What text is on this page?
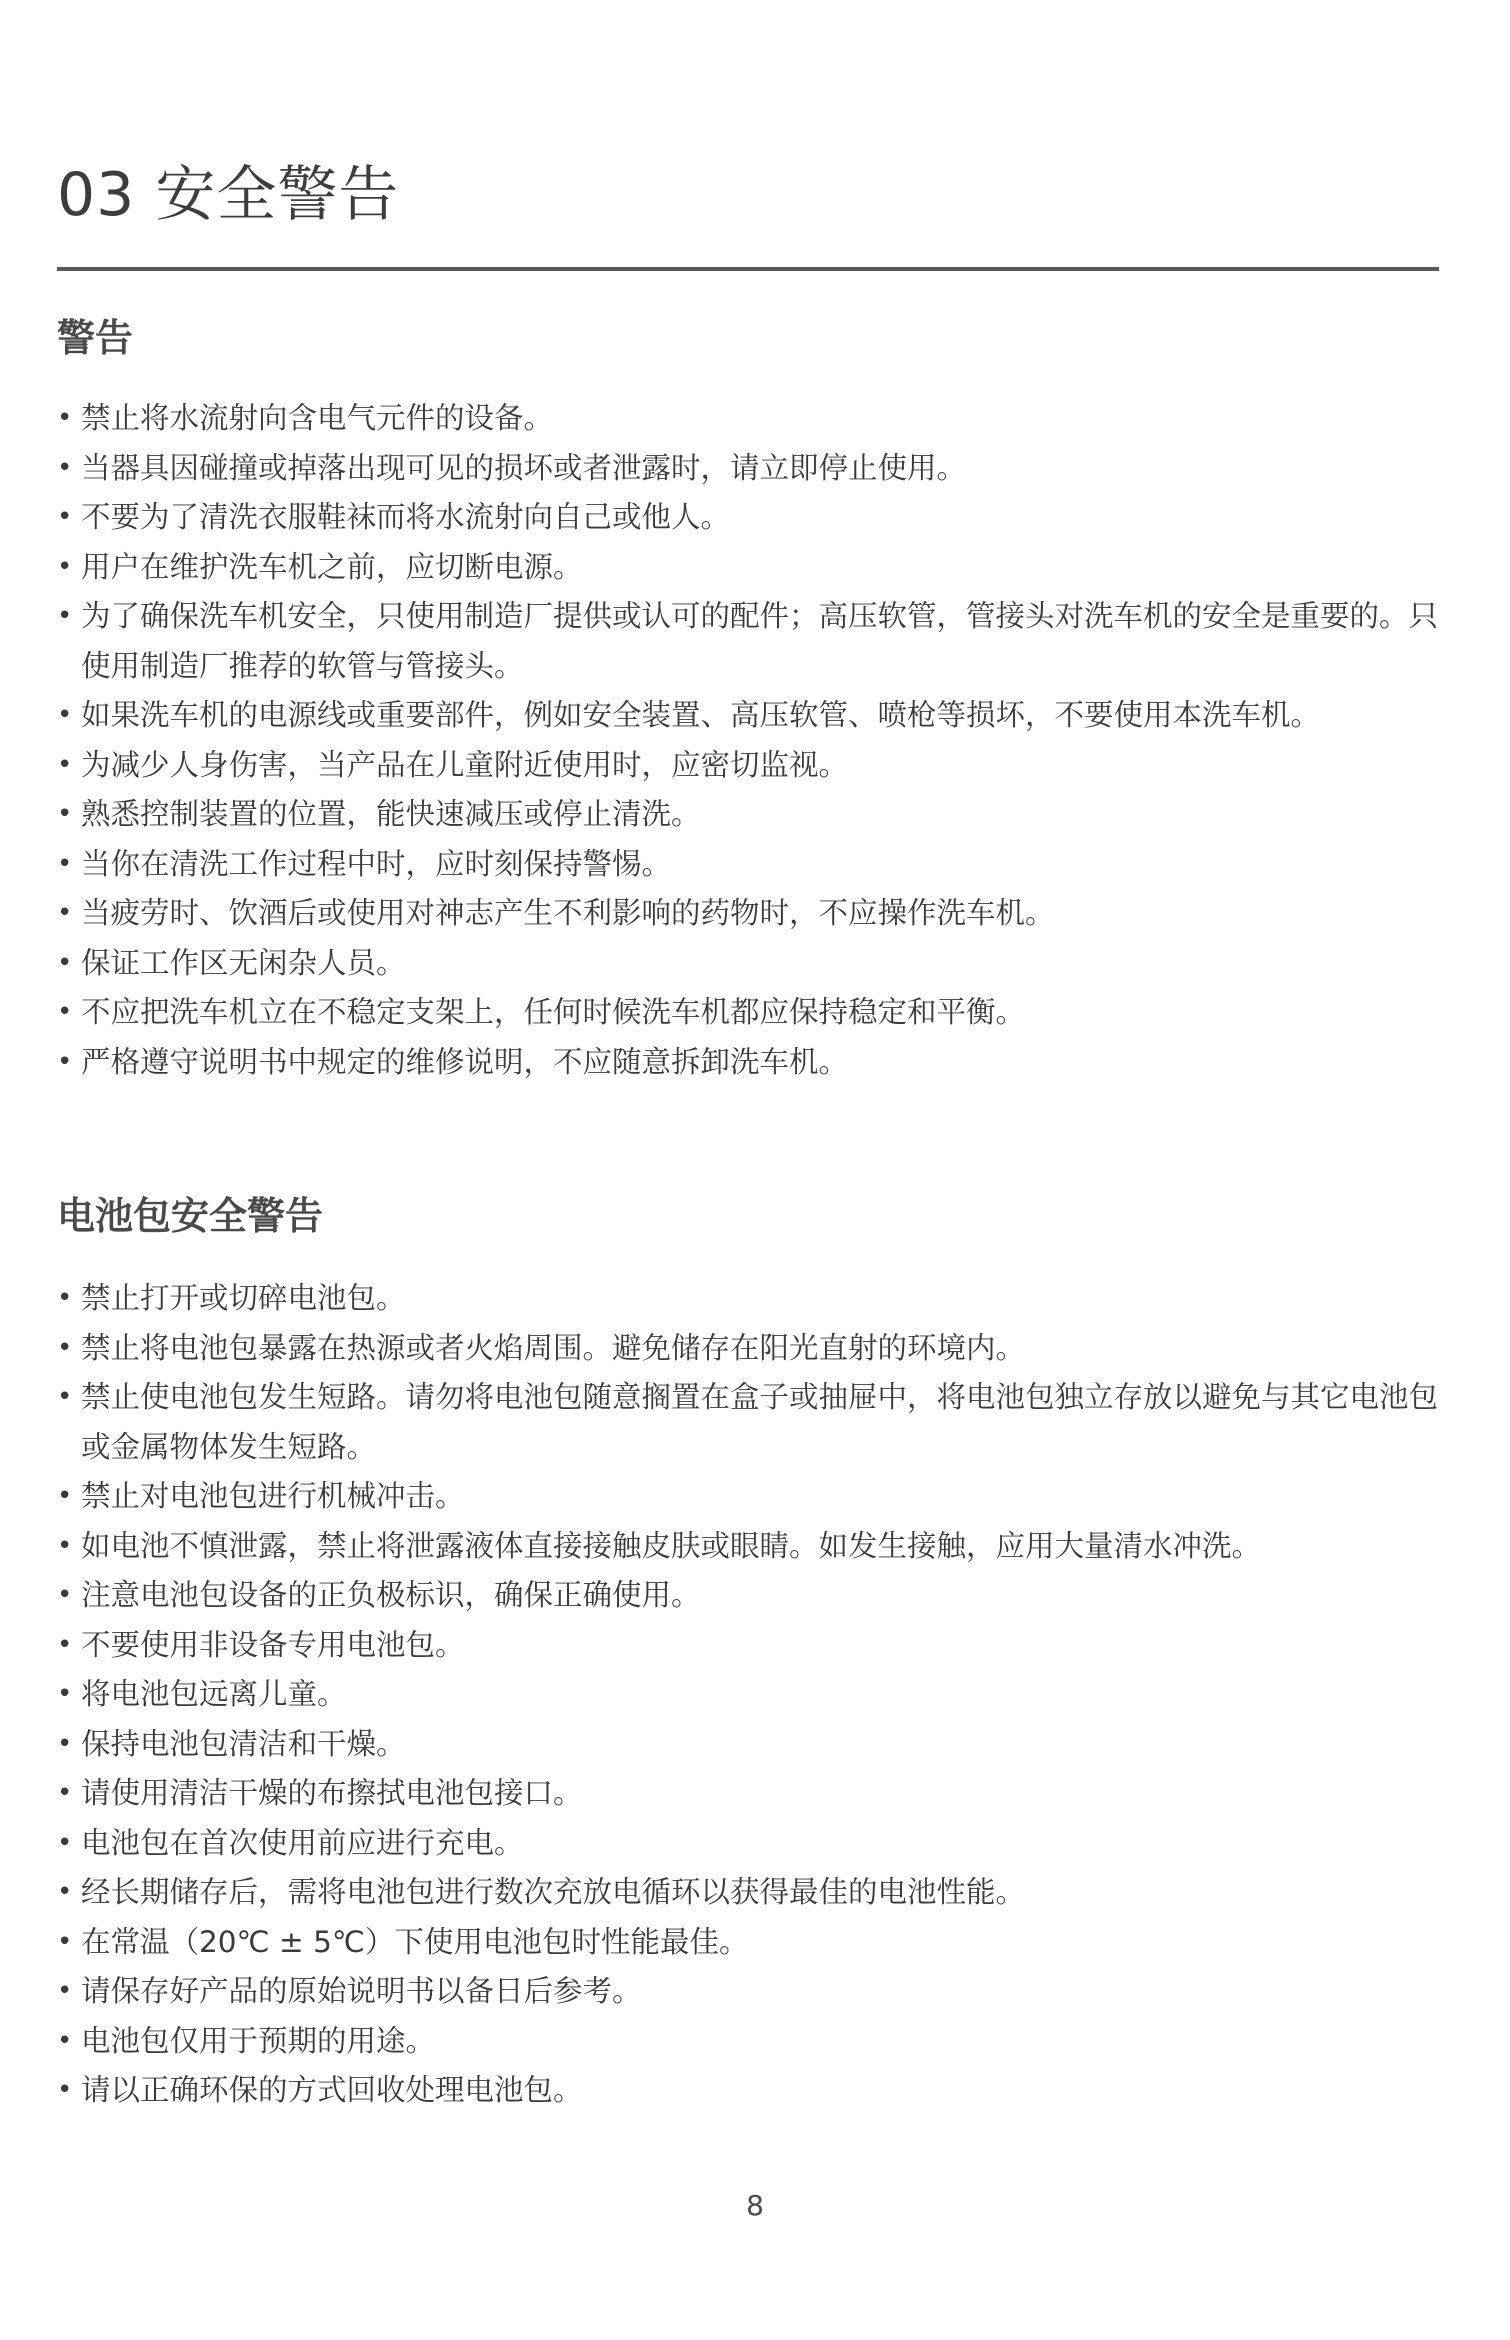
03 安全警告
警告
• 禁止将水流射向含电气元件的设备。
• 当器具因碰撞或掉落出现可见的损坏或者泄露时，请立即停止使用。
• 不要为了清洗衣服鞋袜而将水流射向自己或他人。
• 用户在维护洗车机之前，应切断电源。
• 为了确保洗车机安全，只使用制造厂提供或认可的配件；高压软管，管接头对洗车机的安全是重要的。只使用制造厂推荐的软管与管接头。
• 如果洗车机的电源线或重要部件，例如安全装置、高压软管、喷枪等损坏，不要使用本洗车机。
• 为减少人身伤害，当产品在儿童附近使用时，应密切监视。
• 熟悉控制装置的位置，能快速减压或停止清洗。
• 当你在清洗工作过程中时，应时刻保持警惕。
• 当疲劳时、饮酒后或使用对神志产生不利影响的药物时，不应操作洗车机。
• 保证工作区无闲杂人员。
• 不应把洗车机立在不稳定支架上，任何时候洗车机都应保持稳定和平衡。
• 严格遵守说明书中规定的维修说明，不应随意拆卸洗车机。
电池包安全警告
• 禁止打开或切碎电池包。
• 禁止将电池包暴露在热源或者火焰周围。避免储存在阳光直射的环境内。
• 禁止使电池包发生短路。请勿将电池包随意搁置在盒子或抽屉中，将电池包独立存放以避免与其它电池包或金属物体发生短路。
• 禁止对电池包进行机械冲击。
• 如电池不慎泄露，禁止将泄露液体直接接触皮肤或眼睛。如发生接触，应用大量清水冲洗。
• 注意电池包设备的正负极标识，确保正确使用。
• 不要使用非设备专用电池包。
• 将电池包远离儿童。
• 保持电池包清洁和干燥。
• 请使用清洁干燥的布擦拭电池包接口。
• 电池包在首次使用前应进行充电。
• 经长期储存后，需将电池包进行数次充放电循环以获得最佳的电池性能。
• 在常温（20℃ ± 5℃）下使用电池包时性能最佳。
• 请保存好产品的原始说明书以备日后参考。
• 电池包仅用于预期的用途。
• 请以正确环保的方式回收处理电池包。
8
